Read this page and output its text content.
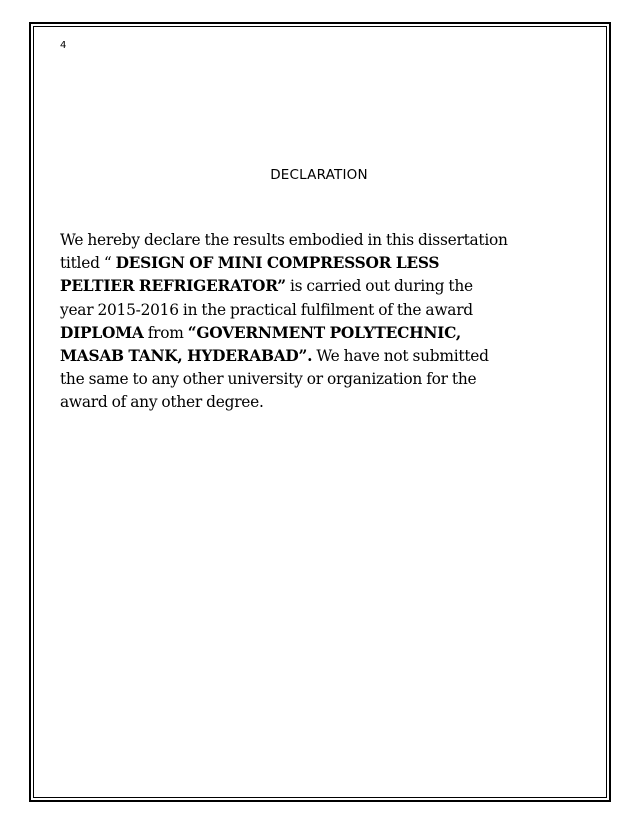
4
DECLARATION
We hereby declare the results embodied in this dissertation
titled “ DESIGN OF MINI COMPRESSOR LESS
PELTIER REFRIGERATOR” is carried out during the
year 2015-2016 in the practical fulfilment of the award
DIPLOMA from “GOVERNMENT POLYTECHNIC,
MASAB TANK, HYDERABAD”. We have not submitted
the same to any other university or organization for the
award of any other degree.
